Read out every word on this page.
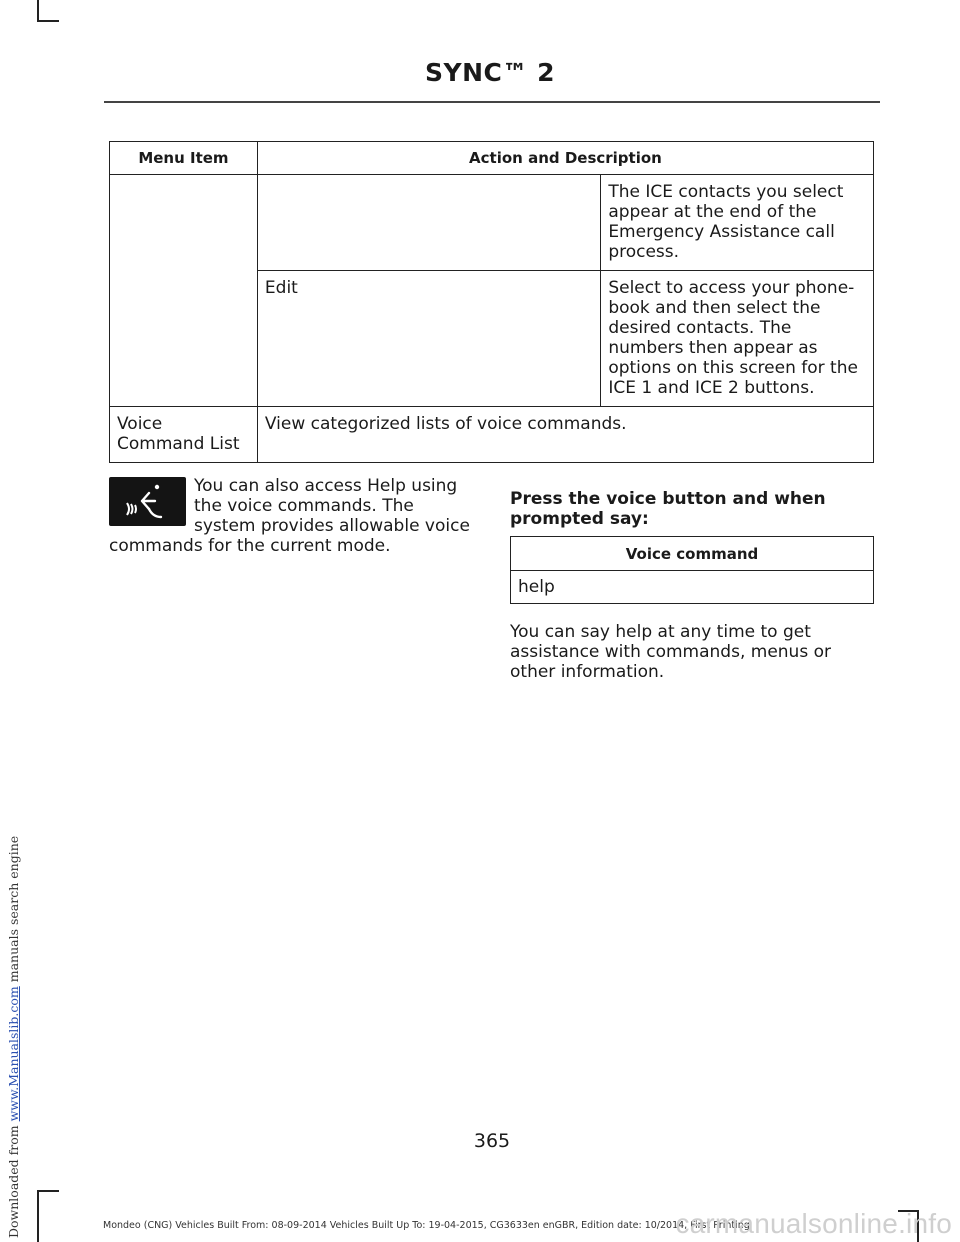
SYNC™ 2
Menu Item	Action and Description	

		The ICE contacts you select appear at the end of the Emergency Assistance call process.

	Edit	Select to access your phone-book and then select the desired contacts. The numbers then appear as options on this screen for the ICE 1 and ICE 2 buttons.

Voice Command List	View categorized lists of voice commands.	
You can also access Help using the voice commands. The system provides allowable voice commands for the current mode.
Press the voice button and when prompted say:
Voice command
help
You can say help at any time to get assistance with commands, menus or other information.
365
Mondeo (CNG) Vehicles Built From: 08-09-2014 Vehicles Built Up To: 19-04-2015, CG3633en enGBR, Edition date: 10/2014, First Printing
Downloaded from www.Manualslib.com manuals search engine
carmanualsonline.info
